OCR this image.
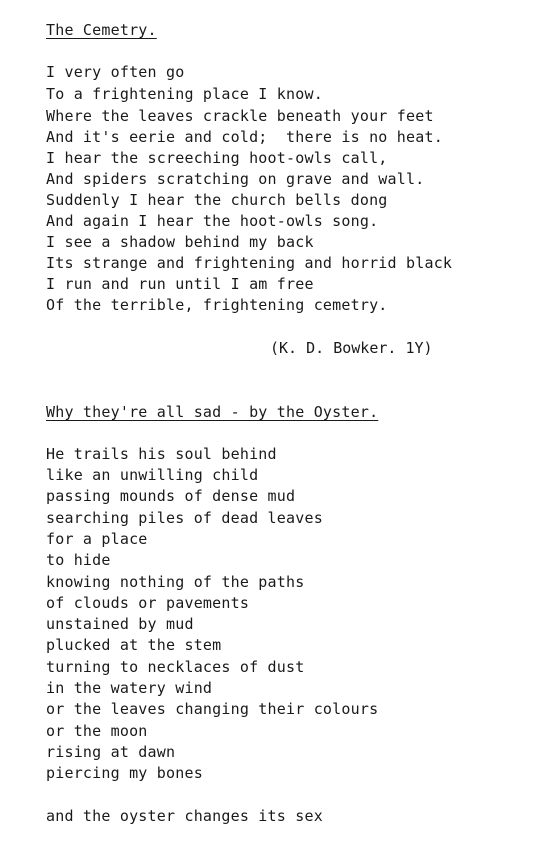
The Cemetry.
I very often go
To a frightening place I know.
Where the leaves crackle beneath your feet
And it's eerie and cold;  there is no heat.
I hear the screeching hoot-owls call,
And spiders scratching on grave and wall.
Suddenly I hear the church bells dong
And again I hear the hoot-owls song.
I see a shadow behind my back
Its strange and frightening and horrid black
I run and run until I am free
Of the terrible, frightening cemetry.
(K. D. Bowker. 1Y)
Why they're all sad - by the Oyster.
He trails his soul behind
like an unwilling child
passing mounds of dense mud
searching piles of dead leaves
for a place
to hide
knowing nothing of the paths
of clouds or pavements
unstained by mud
plucked at the stem
turning to necklaces of dust
in the watery wind
or the leaves changing their colours
or the moon
rising at dawn
piercing my bones
and the oyster changes its sex
